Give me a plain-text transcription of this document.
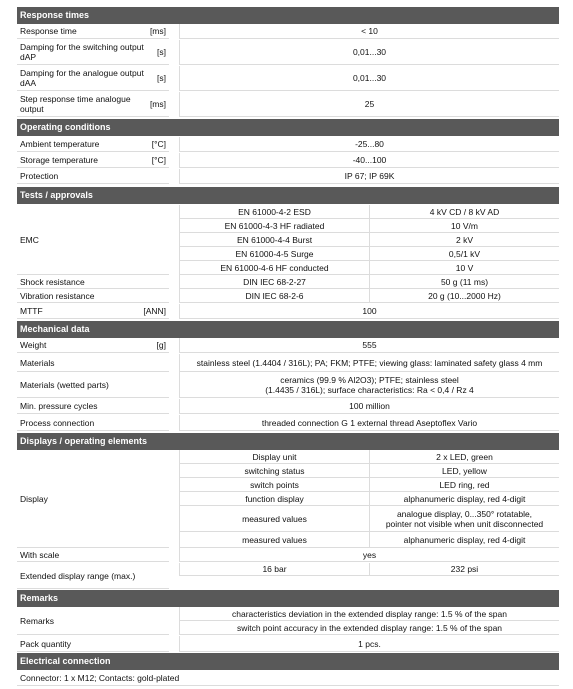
Response times
Response time	[ms]	< 10
Damping for the switching output dAP	[s]	0,01...30
Damping for the analogue output dAA	[s]	0,01...30
Step response time analogue output	[ms]	25
Operating conditions
Ambient temperature	[°C]	-25...80
Storage temperature	[°C]	-40...100
Protection	IP 67; IP 69K
Tests / approvals
EMC
EN 61000-4-2 ESD	4 kV CD / 8 kV AD
EN 61000-4-3 HF radiated	10 V/m
EN 61000-4-4 Burst	2 kV
EN 61000-4-5 Surge	0,5/1 kV
EN 61000-4-6 HF conducted	10 V
Shock resistance	DIN IEC 68-2-27	50 g (11 ms)
Vibration resistance	DIN IEC 68-2-6	20 g (10...2000 Hz)
MTTF	[ANN]	100
Mechanical data
Weight	[g]	555
Materials	stainless steel (1.4404 / 316L); PA; FKM; PTFE; viewing glass: laminated safety glass 4 mm
Materials (wetted parts)	ceramics (99.9 % Al2O3); PTFE; stainless steel
(1.4435 / 316L); surface characteristics: Ra < 0,4 / Rz 4
Min. pressure cycles	100 million
Process connection	threaded connection G 1 external thread Aseptoflex Vario
Displays / operating elements
Display
Display unit	2 x LED, green
switching status	LED, yellow
switch points	LED ring, red
function display	alphanumeric display, red 4-digit
measured values	analogue display, 0...350° rotatable,
pointer not visible when unit disconnected
measured values	alphanumeric display, red 4-digit
With scale	yes
Extended display range (max.)
16 bar	232 psi
Remarks
Remarks
characteristics deviation in the extended display range: 1.5 % of the span
switch point accuracy in the extended display range: 1.5 % of the span
Pack quantity	1 pcs.
Electrical connection
Connector: 1 x M12; Contacts: gold-plated
